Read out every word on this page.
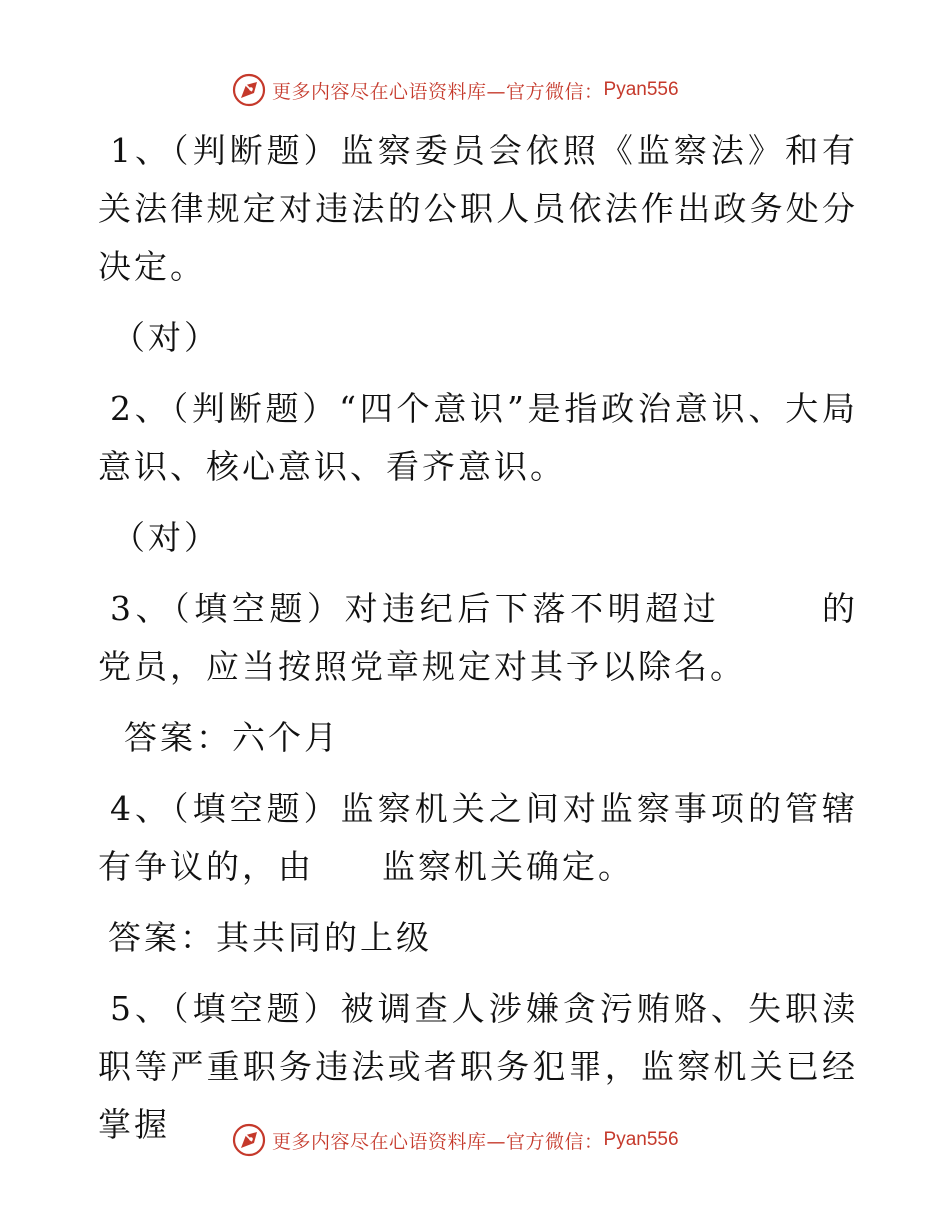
更多内容尽在心语资料库—官方微信： Pyan556

1、（判断题）监察委员会依照《监察法》和有关法律规定对违法的公职人员依法作出政务处分决定。

（对）

2、（判断题）“四个意识”是指政治意识、大局意识、核心意识、看齐意识。

（对）

3、（填空题）对违纪后下落不明超过	的党员，应当按照党章规定对其予以除名。

答案：六个月

4、（填空题）监察机关之间对监察事项的管辖有争议的，由 监察机关确定。

答案：其共同的上级

5、（填空题）被调查人涉嫌贪污贿赂、失职渎职等严重职务违法或者职务犯罪，监察机关已经掌握	更多内容尽在心语资料库—官方微信： Pyan556
